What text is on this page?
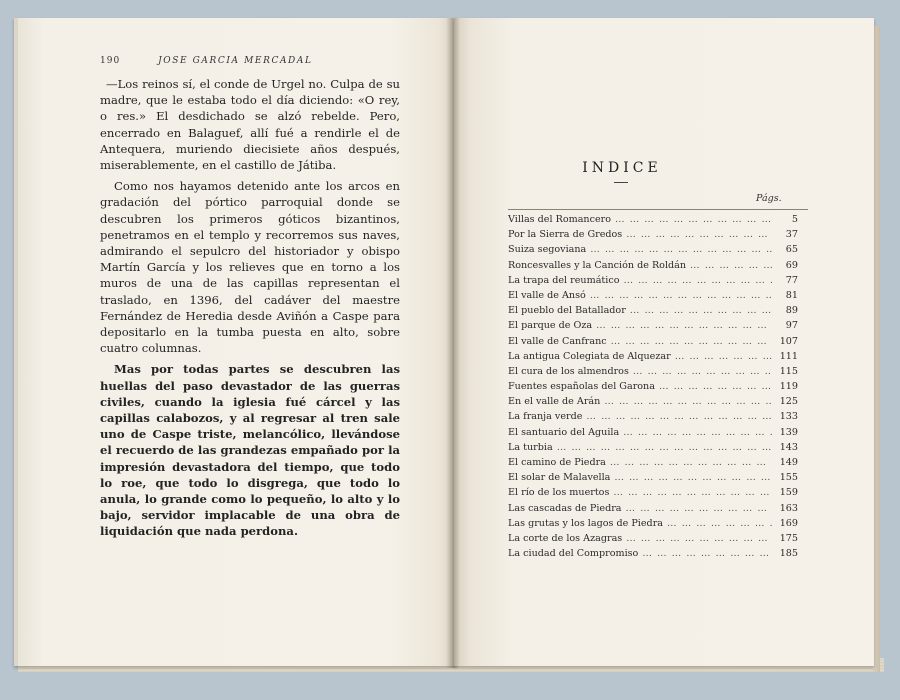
190	JOSE GARCIA MERCADAL

—Los reinos sí, el conde de Urgel no. Culpa de su madre, que le estaba todo el día diciendo: «O rey, o res.» El desdichado se alzó rebelde. Pero, encerrado en Balaguef, allí fué a rendirle el de Antequera, muriendo diecisiete años después, miserablemente, en el castillo de Játiba.

Como nos hayamos detenido ante los arcos en gradación del pórtico parroquial donde se descubren los primeros góticos bizantinos, penetramos en el templo y recorremos sus naves, admirando el sepulcro del historiador y obispo Martín García y los relieves que en torno a los muros de una de las capillas representan el traslado, en 1396, del cadáver del maestre Fernández de Heredia desde Aviñón a Caspe para depositarlo en la tumba puesta en alto, sobre cuatro columnas.

Mas por todas partes se descubren las huellas del paso devastador de las guerras civiles, cuando la iglesia fué cárcel y las capillas calabozos, y al regresar al tren sale uno de Caspe triste, melancólico, llevándose el recuerdo de las grandezas empañado por la impresión devastadora del tiempo, que todo lo roe, que todo lo disgrega, que todo lo anula, lo grande como lo pequeño, lo alto y lo bajo, servidor implacable de una obra de liquidación que nada perdona.

INDICE
Págs.
Villas del Romancero … … … … … … … … … … … … … … … … … … … … … … … …	5
Por la Sierra de Gredos … … … … … … … … … … … … … … … … … … … … … … … …	37
Suiza segoviana … … … … … … … … … … … … … … … … … … … … … … … …	65
Roncesvalles y la Canción de Roldán … … … … … … … … … … … … … … … … … … … … … … … …	69
La trapa del reumático … … … … … … … … … … … … … … … … … … … … … … … …	77
El valle de Ansó … … … … … … … … … … … … … … … … … … … … … … … …	81
El pueblo del Batallador … … … … … … … … … … … … … … … … … … … … … … … …	89
El parque de Oza … … … … … … … … … … … … … … … … … … … … … … … …	97
El valle de Canfranc … … … … … … … … … … … … … … … … … … … … … … … …	107
La antigua Colegiata de Alquezar … … … … … … … … … … … … … … … … … … … … … … … …	111
El cura de los almendros … … … … … … … … … … … … … … … … … … … … … … … …	115
Fuentes españolas del Garona … … … … … … … … … … … … … … … … … … … … … … … …	119
En el valle de Arán … … … … … … … … … … … … … … … … … … … … … … … …	125
La franja verde … … … … … … … … … … … … … … … … … … … … … … … …	133
El santuario del Aguila … … … … … … … … … … … … … … … … … … … … … … … …	139
La turbia … … … … … … … … … … … … … … … … … … … … … … … …	143
El camino de Piedra … … … … … … … … … … … … … … … … … … … … … … … …	149
El solar de Malavella … … … … … … … … … … … … … … … … … … … … … … … …	155
El río de los muertos … … … … … … … … … … … … … … … … … … … … … … … …	159
Las cascadas de Piedra … … … … … … … … … … … … … … … … … … … … … … … …	163
Las grutas y los lagos de Piedra … … … … … … … … … … … … … … … … … … … … … … … …	169
La corte de los Azagras … … … … … … … … … … … … … … … … … … … … … … … …	175
La ciudad del Compromiso … … … … … … … … … … … … … … … … … … … … … … … …	185
